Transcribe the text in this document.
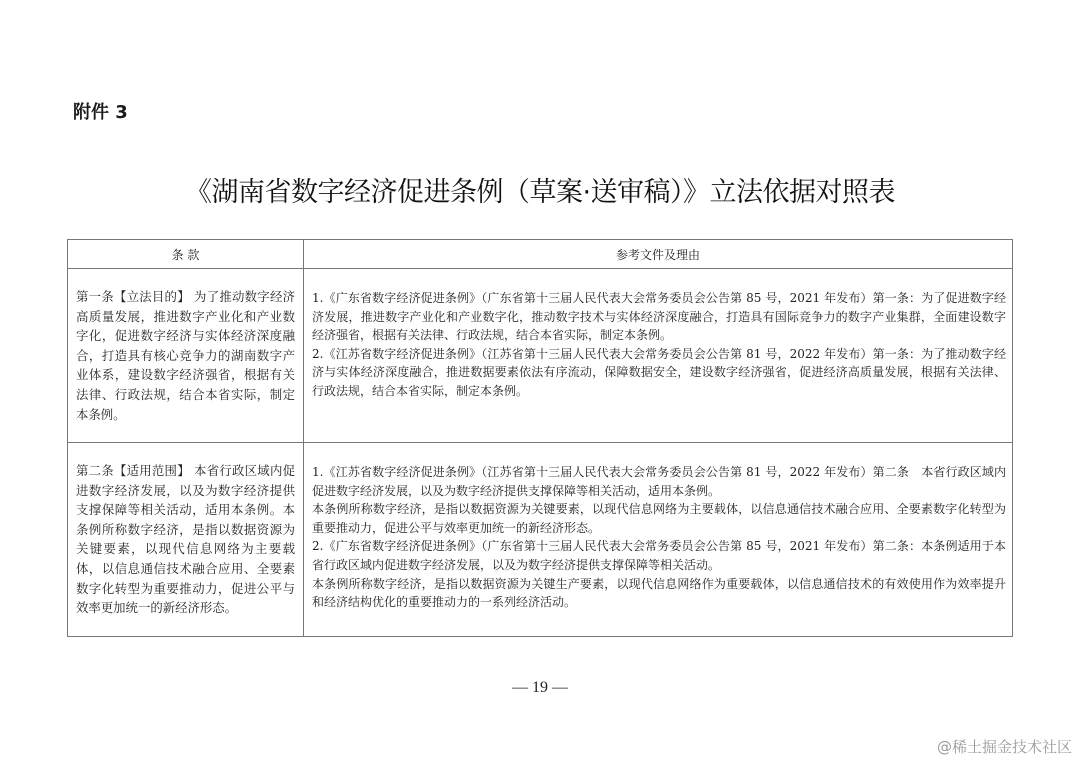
附件 3
《湖南省数字经济促进条例（草案·送审稿）》立法依据对照表
条 款	参考文件及理由

第一条【立法目的】 为了推动数字经济高质量发展，推进数字产业化和产业数字化，促进数字经济与实体经济深度融合，打造具有核心竞争力的湖南数字产业体系，建设数字经济强省，根据有关法律、行政法规，结合本省实际，制定本条例。	1.《广东省数字经济促进条例》（广东省第十三届人民代表大会常务委员会公告第 85 号，2021 年发布）第一条：为了促进数字经济发展，推进数字产业化和产业数字化，推动数字技术与实体经济深度融合，打造具有国际竞争力的数字产业集群，全面建设数字经济强省，根据有关法律、行政法规，结合本省实际，制定本条例。

2.《江苏省数字经济促进条例》（江苏省第十三届人民代表大会常务委员会公告第 81 号，2022 年发布）第一条：为了推动数字经济与实体经济深度融合，推进数据要素依法有序流动，保障数据安全，建设数字经济强省，促进经济高质量发展，根据有关法律、行政法规，结合本省实际，制定本条例。

第二条【适用范围】 本省行政区域内促进数字经济发展，以及为数字经济提供支撑保障等相关活动，适用本条例。本条例所称数字经济，是指以数据资源为关键要素，以现代信息网络为主要载体，以信息通信技术融合应用、全要素数字化转型为重要推动力，促进公平与效率更加统一的新经济形态。	1.《江苏省数字经济促进条例》（江苏省第十三届人民代表大会常务委员会公告第 81 号，2022 年发布）第二条　本省行政区域内促进数字经济发展，以及为数字经济提供支撑保障等相关活动，适用本条例。

本条例所称数字经济，是指以数据资源为关键要素，以现代信息网络为主要载体，以信息通信技术融合应用、全要素数字化转型为重要推动力，促进公平与效率更加统一的新经济形态。

2.《广东省数字经济促进条例》（广东省第十三届人民代表大会常务委员会公告第 85 号，2021 年发布）第二条：本条例适用于本省行政区域内促进数字经济发展，以及为数字经济提供支撑保障等相关活动。

本条例所称数字经济，是指以数据资源为关键生产要素，以现代信息网络作为重要载体，以信息通信技术的有效使用作为效率提升和经济结构优化的重要推动力的一系列经济活动。

— 19 —
@稀土掘金技术社区
